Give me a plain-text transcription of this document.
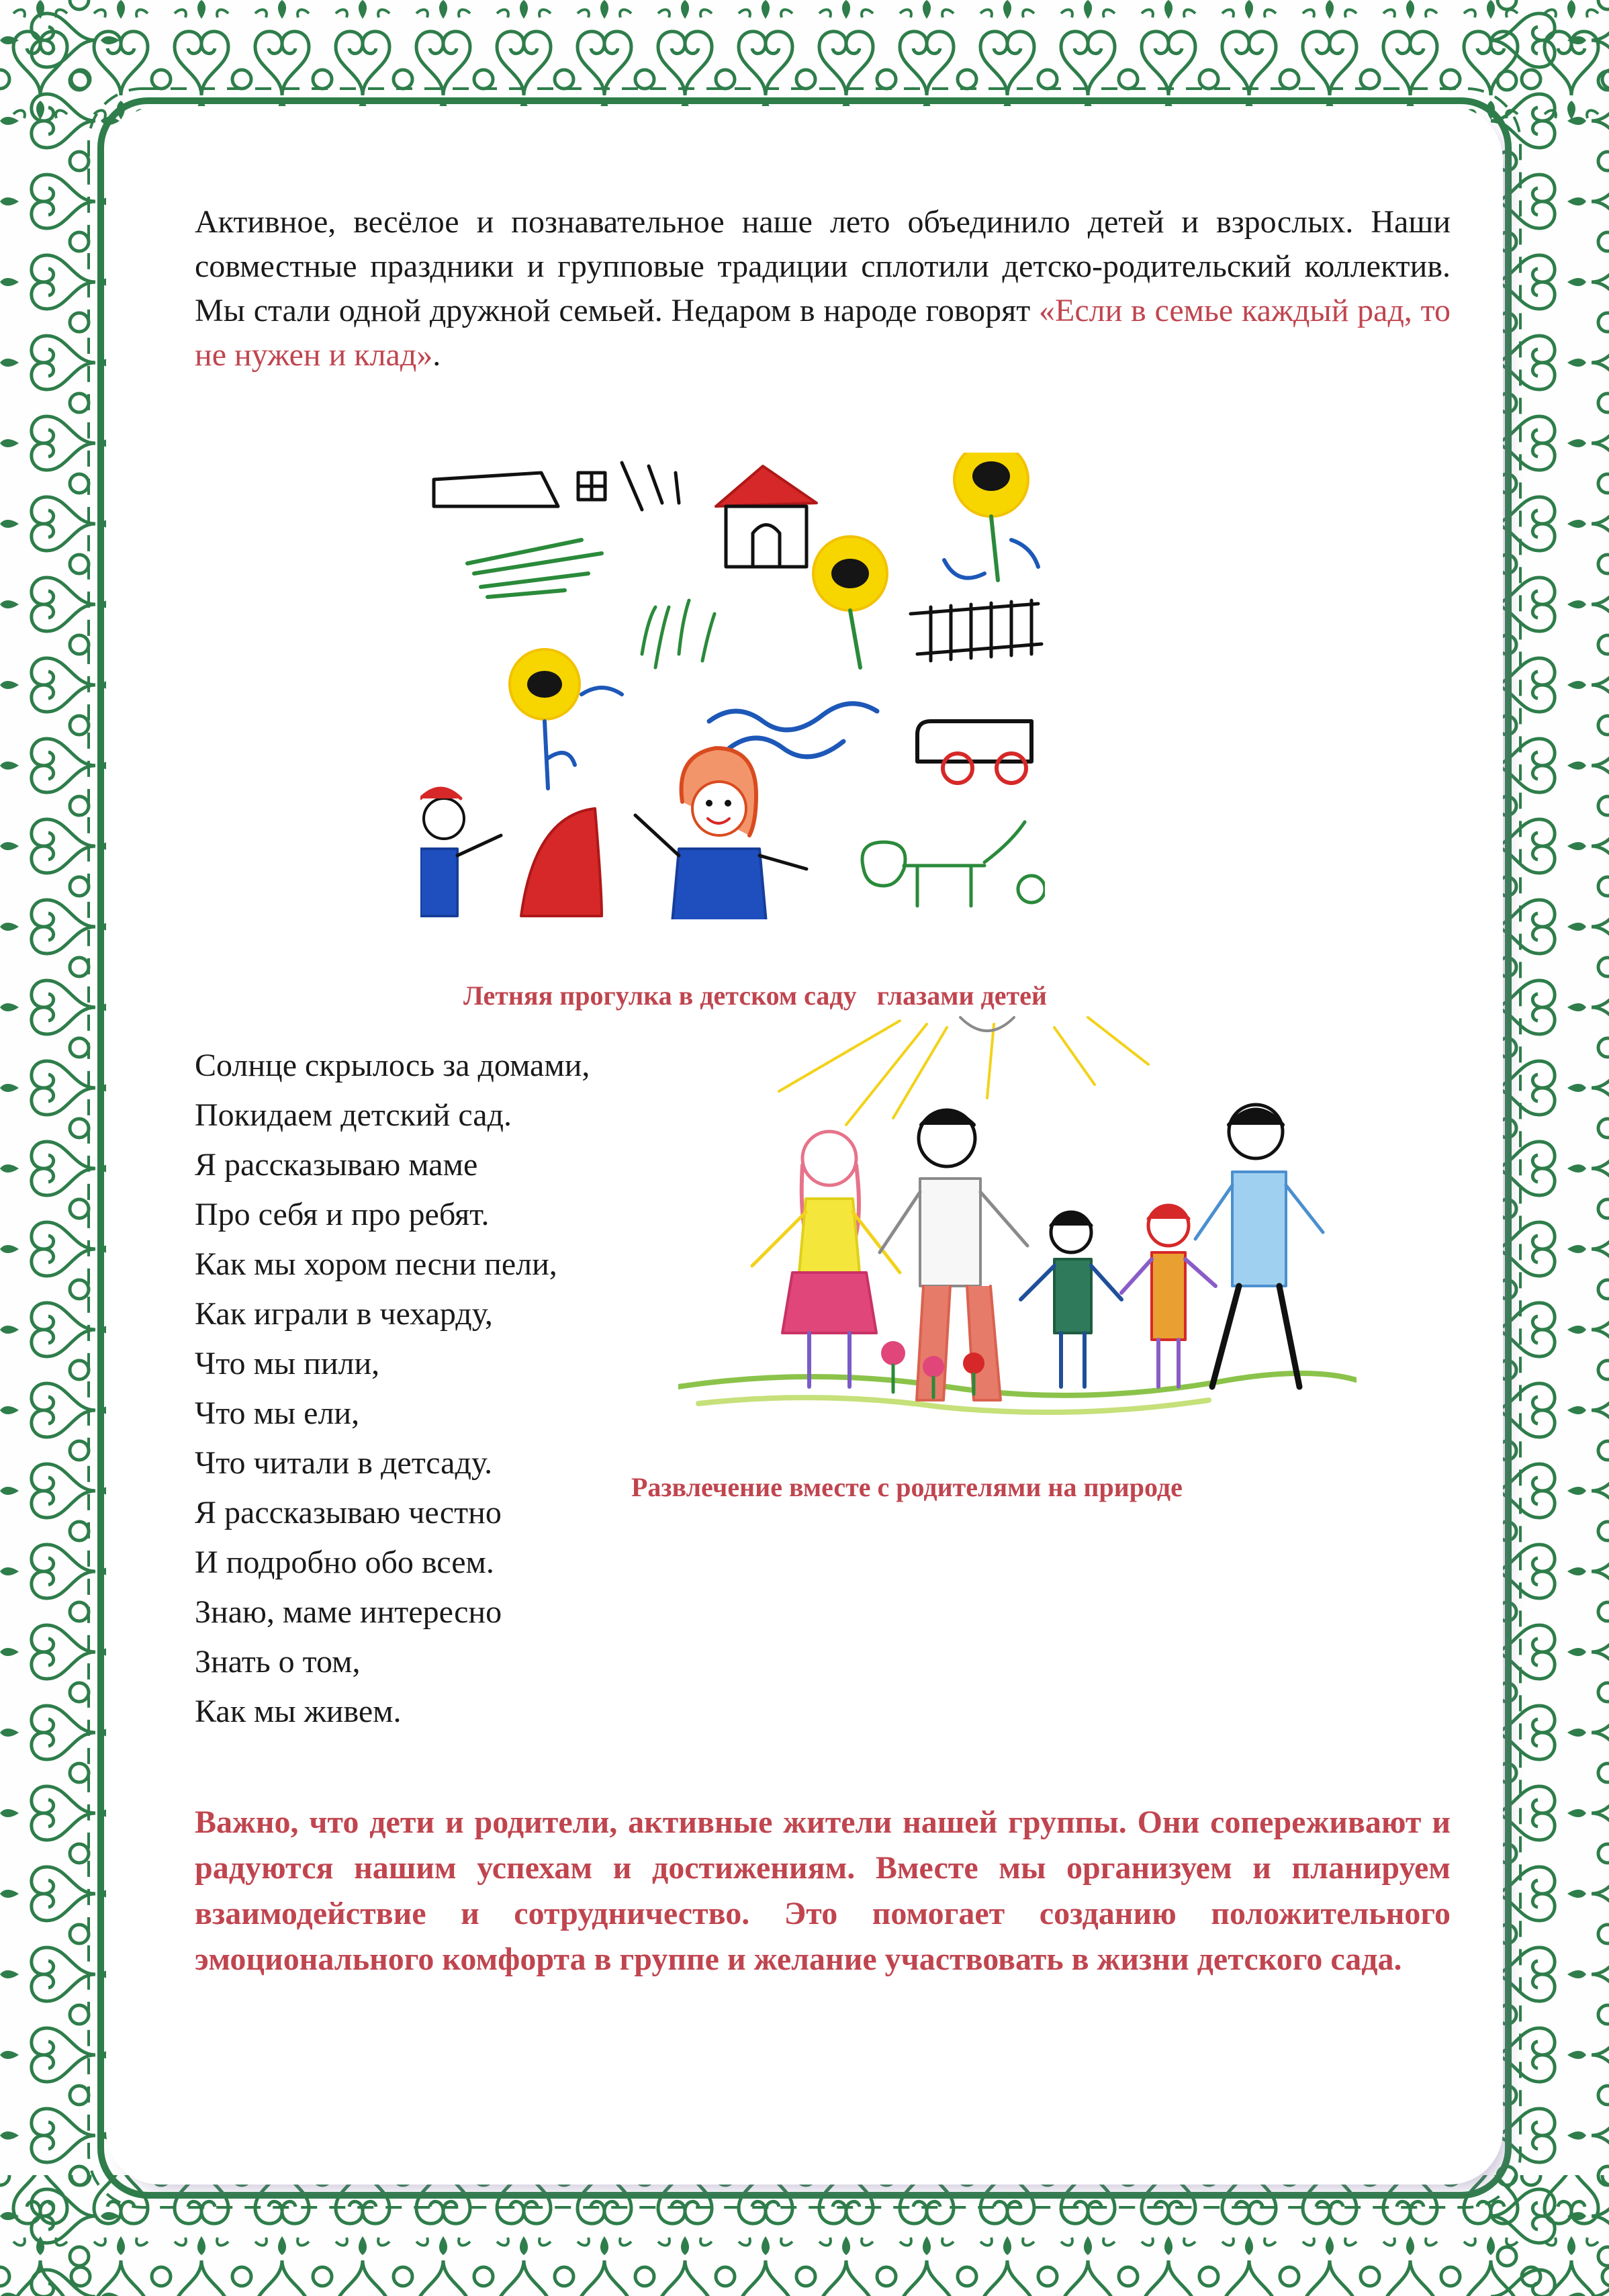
Активное, весёлое и познавательное наше лето объединило детей и взрослых. Наши совместные праздники и групповые традиции сплотили детско-родительский коллектив. Мы стали одной дружной семьей. Недаром в народе говорят «Если в семье каждый рад, то не нужен и клад».

Летняя прогулка в детском саду   глазами детей
Солнце скрылось за домами,
Покидаем детский сад.
Я рассказываю маме
Про себя и про ребят.
Как мы хором песни пели,
Как играли в чехарду,
Что мы пили,
Что мы ели,
Что читали в детсаду.
Я рассказываю честно
И подробно обо всем.
Знаю, маме интересно
Знать о том,
Как мы живем.
Развлечение вместе с родителями на природе

Важно, что дети и родители, активные жители нашей группы. Они сопереживают и радуются нашим успехам и достижениям. Вместе мы организуем и планируем взаимодействие и сотрудничество. Это помогает созданию положительного эмоционального комфорта в группе и желание участвовать в жизни детского сада.
